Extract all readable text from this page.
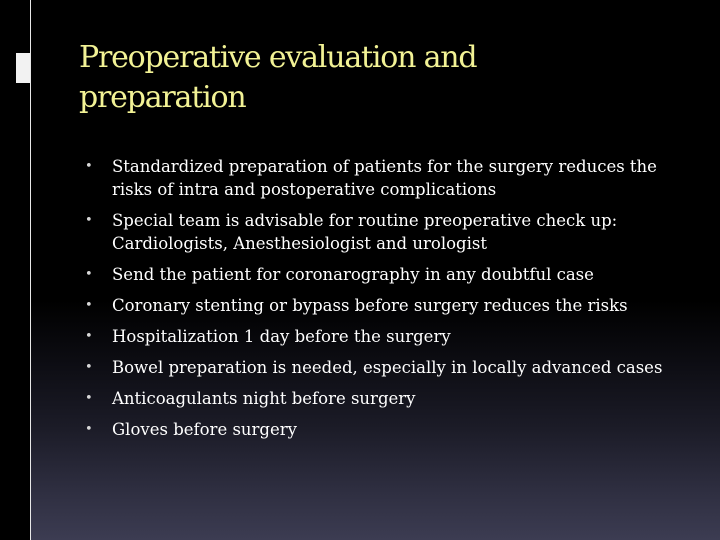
Preoperative evaluation and
preparation
• Standardized preparation of patients for the surgery reduces the risks of intra and postoperative complications
• Special team is advisable for routine preoperative check up: Cardiologists, Anesthesiologist and urologist
• Send the patient for coronarography in any doubtful case
• Coronary stenting or bypass before surgery reduces the risks
• Hospitalization 1 day before the surgery
• Bowel preparation is needed, especially in locally advanced cases
• Anticoagulants night before surgery
• Gloves before surgery
